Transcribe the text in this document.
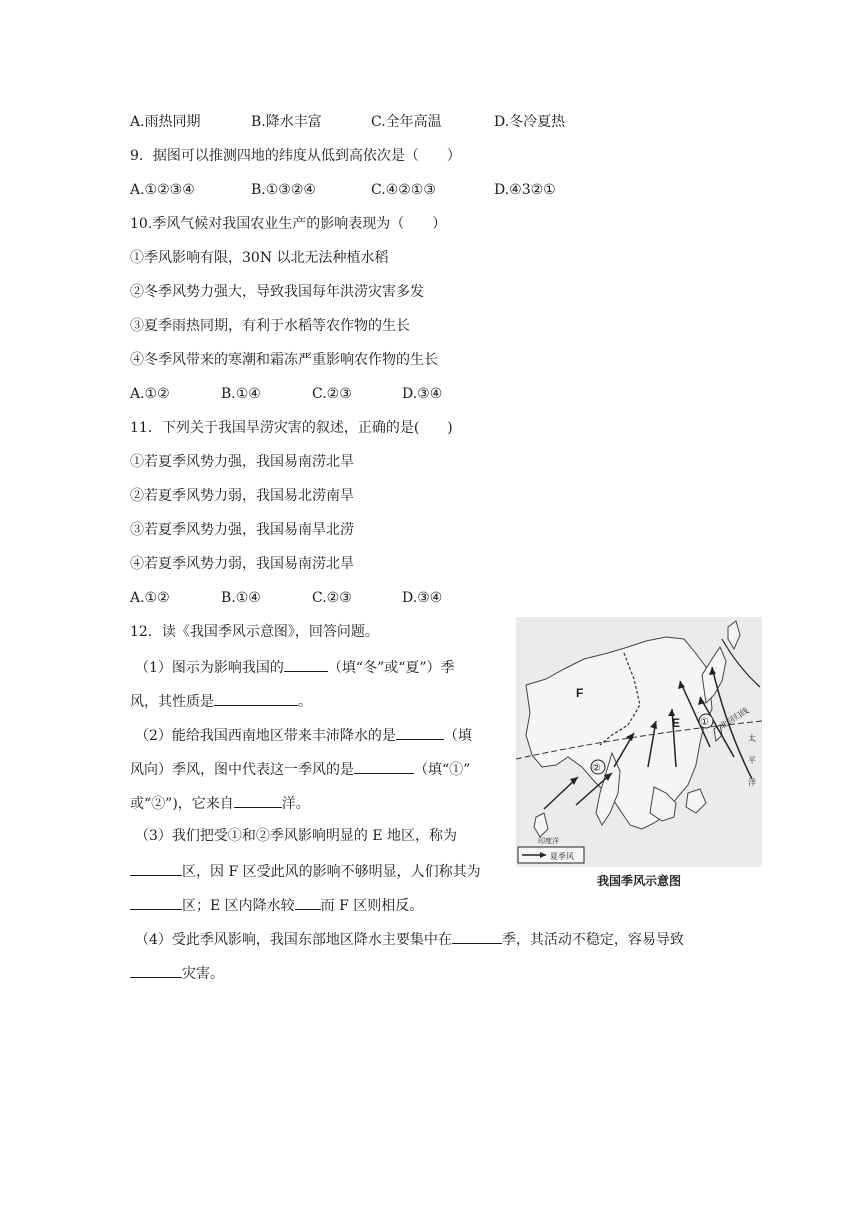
A.雨热同期	B.降水丰富	C.全年高温	D.冬冷夏热
9．据图可以推测四地的纬度从低到高依次是（　　）
A.①②③④	B.①③②④	C.④②①③	D.④3②①
10.季风气候对我国农业生产的影响表现为（　　）
①季风影响有限，30N 以北无法种植水稻
②冬季风势力强大，导致我国每年洪涝灾害多发
③夏季雨热同期，有利于水稻等农作物的生长
④冬季风带来的寒潮和霜冻严重影响农作物的生长
A.①②	B.①④	C.②③	D.③④
11．下列关于我国旱涝灾害的叙述，正确的是(　　)
①若夏季风势力强，我国易南涝北旱
②若夏季风势力弱，我国易北涝南旱
③若夏季风势力强，我国易南旱北涝
④若夏季风势力弱，我国易南涝北旱
A.①②	B.①④	C.②③	D.③④
12．读《我国季风示意图》，回答问题。
（1）图示为影响我国的	（填“冬”或“夏”）季
风，其性质是	。
（2）能给我国西南地区带来丰沛降水的是	（填
风向）季风，图中代表这一季风的是	（填“①”
或“②”)，它来自	洋。
（3）我们把受①和②季风影响明显的 E 地区，称为
区，因 F 区受此风的影响不够明显，人们称其为
区；E 区内降水较 而 F 区则相反。
（4）受此季风影响，我国东部地区降水主要集中在	季，其活动不稳定，容易导致
灾害。
F
E ①
②
北回归线
印度洋
太
平
洋
夏季风
我国季风示意图
